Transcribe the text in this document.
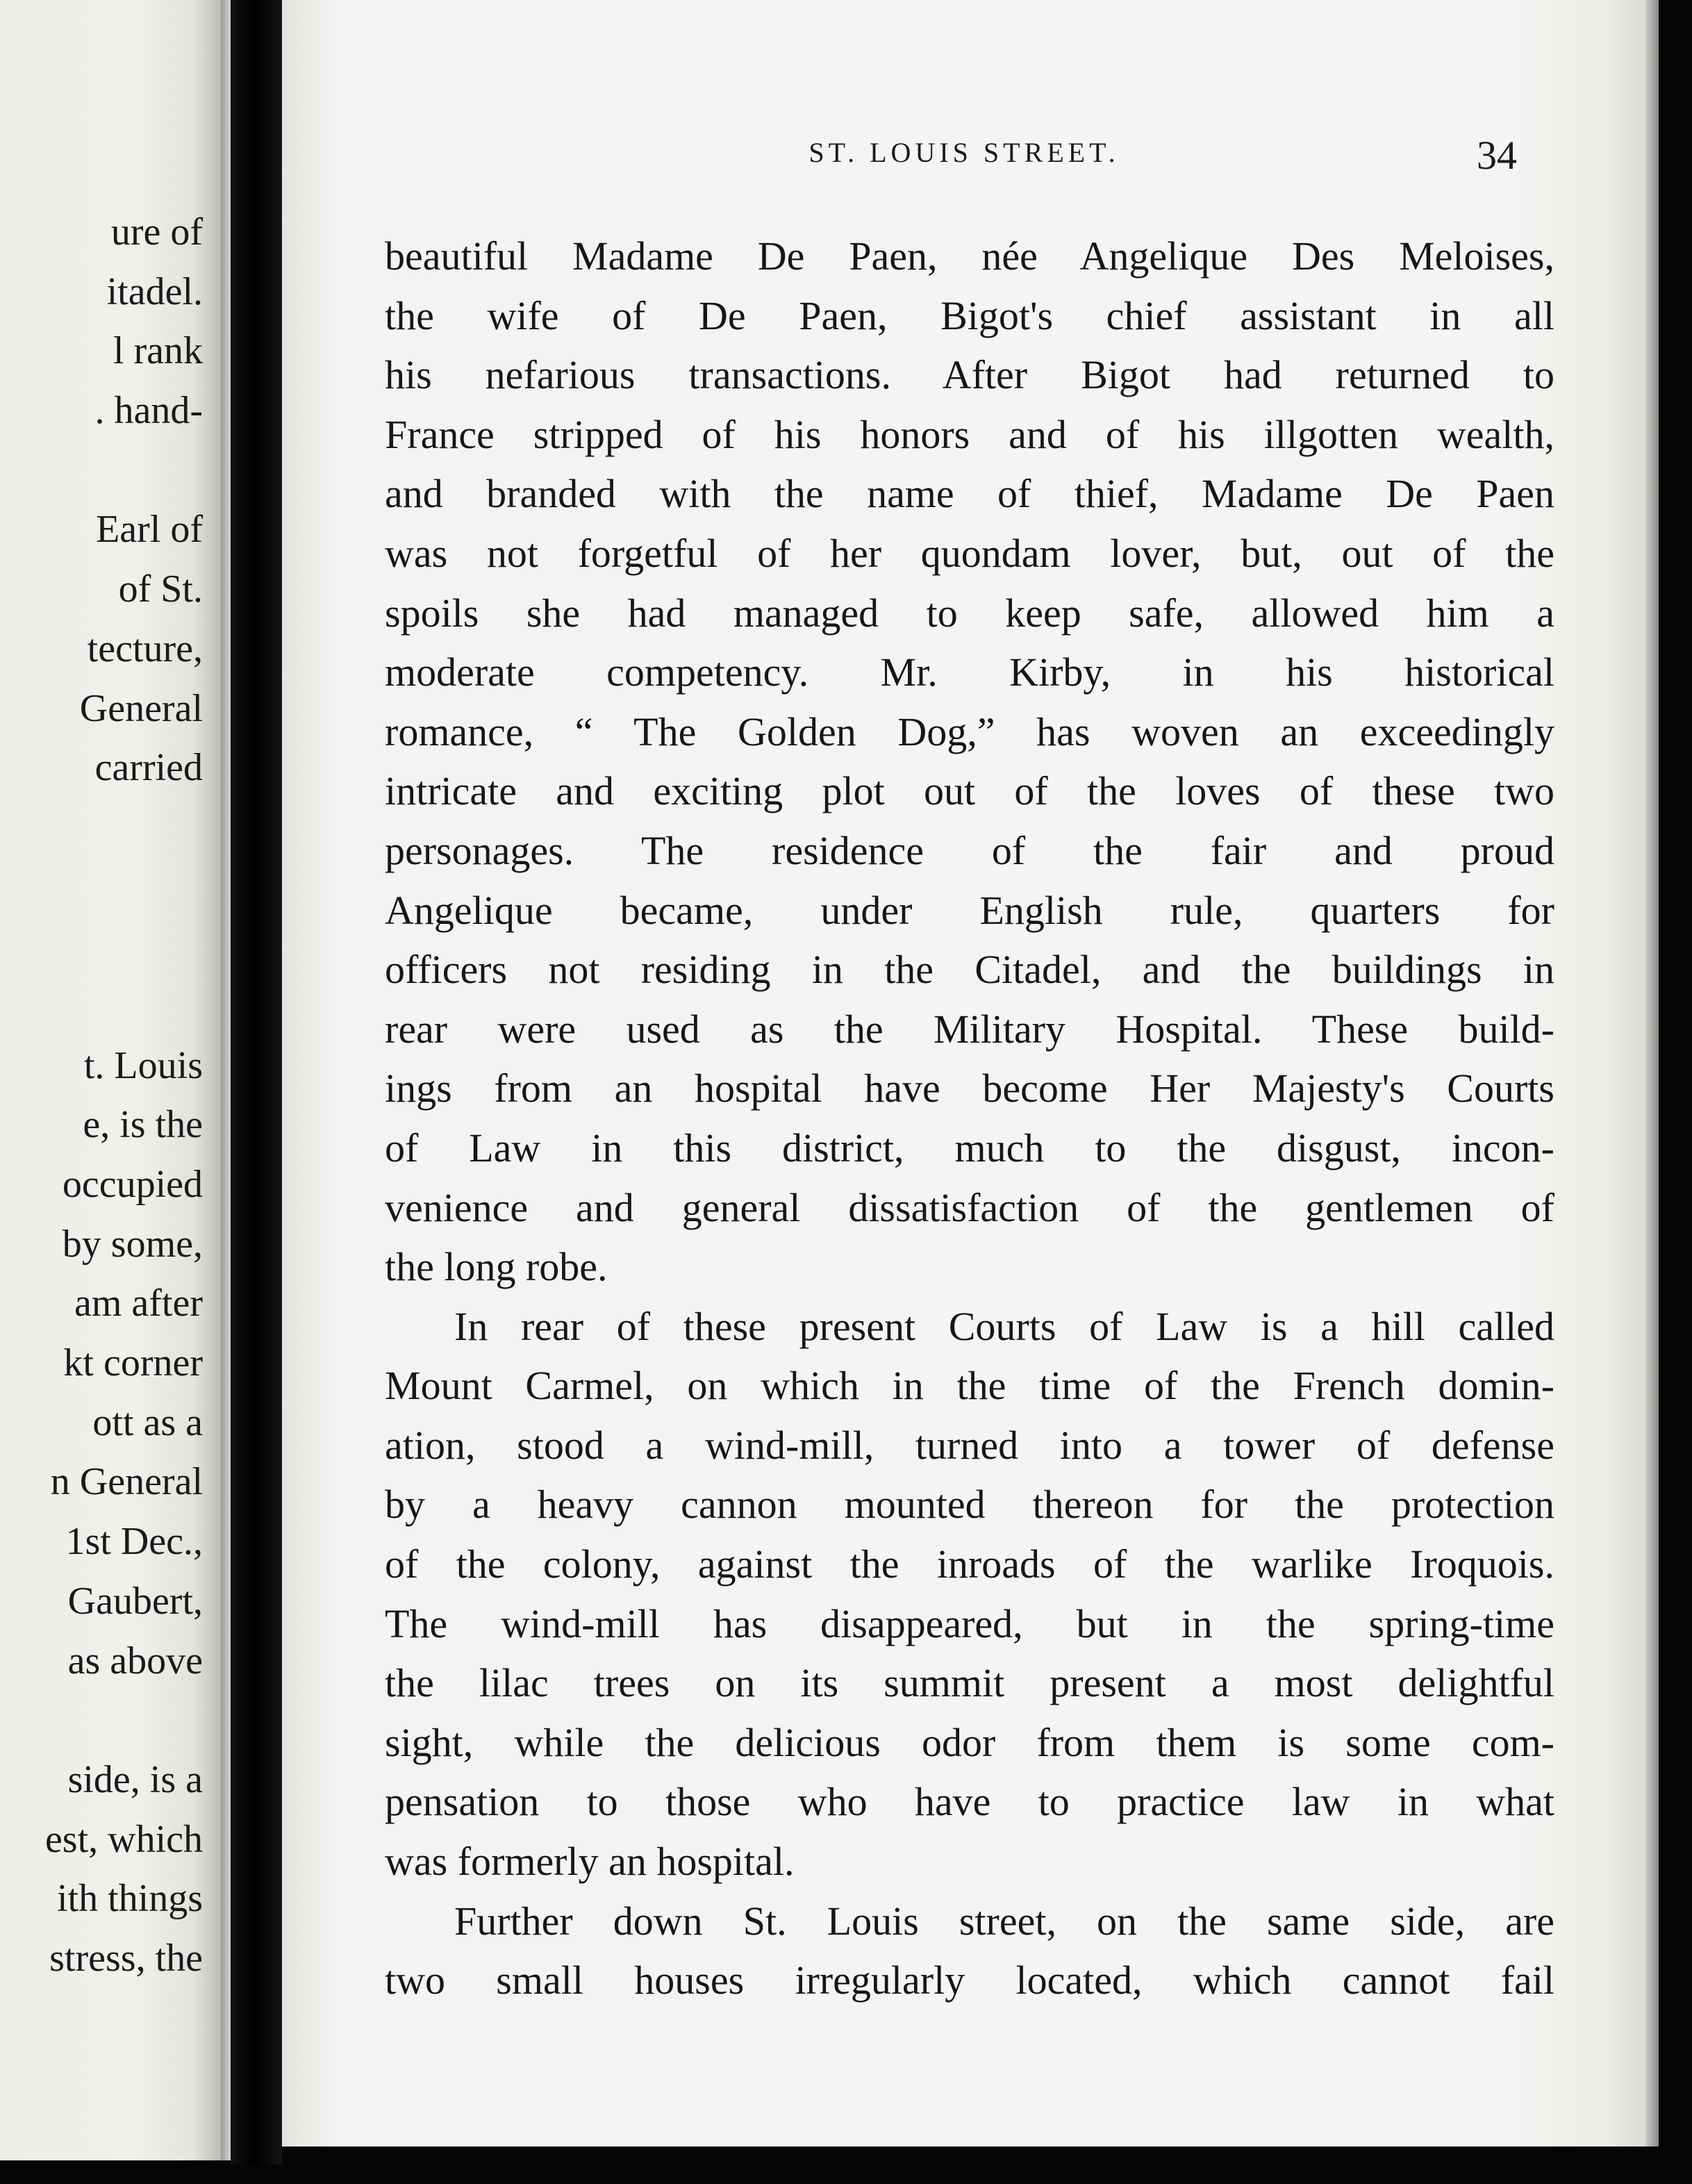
ure of
itadel.
l rank
. hand-
Earl of
of St.
tecture,
General
carried
t. Louis
e, is the
occupied
by some,
am after
kt corner
ott as a
n General
1st Dec.,
Gaubert,
as above
side, is a
est, which
ith things
stress, the
ST. LOUIS STREET.	34
beautiful Madame De Paen, née Angelique Des Meloises,
the wife of De Paen, Bigot's chief assistant in all
his nefarious transactions. After Bigot had returned to
France stripped of his honors and of his illgotten wealth,
and branded with the name of thief, Madame De Paen
was not forgetful of her quondam lover, but, out of the
spoils she had managed to keep safe, allowed him a
moderate competency. Mr. Kirby, in his historical
romance, “ The Golden Dog,” has woven an exceedingly
intricate and exciting plot out of the loves of these two
personages. The residence of the fair and proud
Angelique became, under English rule, quarters for
officers not residing in the Citadel, and the buildings in
rear were used as the Military Hospital. These build-
ings from an hospital have become Her Majesty's Courts
of Law in this district, much to the disgust, incon-
venience and general dissatisfaction of the gentlemen of
the long robe.
In rear of these present Courts of Law is a hill called
Mount Carmel, on which in the time of the French domin-
ation, stood a wind-mill, turned into a tower of defense
by a heavy cannon mounted thereon for the protection
of the colony, against the inroads of the warlike Iroquois.
The wind-mill has disappeared, but in the spring-time
the lilac trees on its summit present a most delightful
sight, while the delicious odor from them is some com-
pensation to those who have to practice law in what
was formerly an hospital.
Further down St. Louis street, on the same side, are
two small houses irregularly located, which cannot fail
